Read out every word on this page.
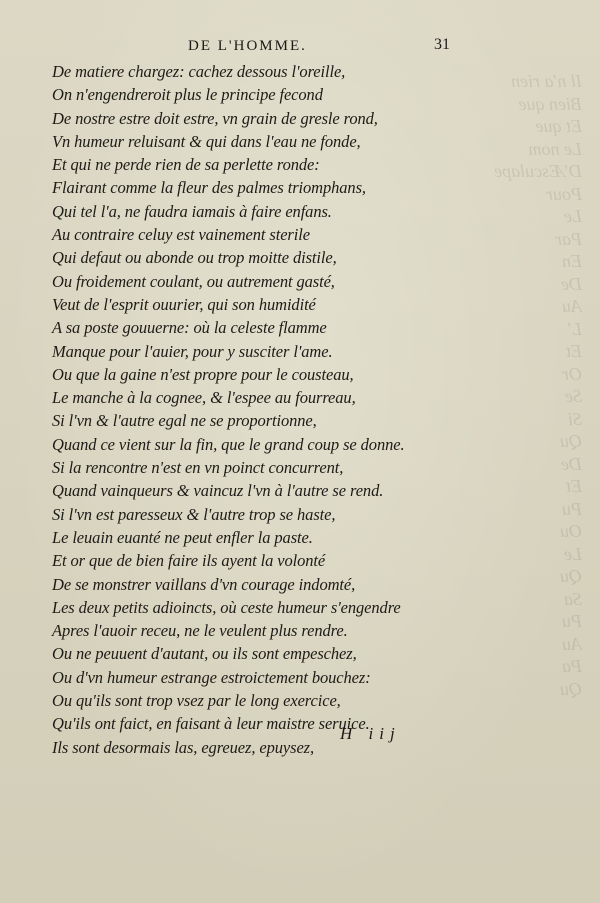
Il n'a rien
Bien que
Et que
Le nom
D'Æsculape
Pour
Le
Par
En
De
Au
L'
Et
Or
Se
Si
Qu
De
Et
Pu
Ou
Le
Qu
Sa
Pu
Au
Pa
Qu
DE L'HOMME.	31
De matiere chargez: cachez dessous l'oreille,
On n'engendreroit plus le principe fecond
De nostre estre doit estre, vn grain de gresle rond,
Vn humeur reluisant & qui dans l'eau ne fonde,
Et qui ne perde rien de sa perlette ronde:
Flairant comme la fleur des palmes triomphans,
Qui tel l'a, ne faudra iamais à faire enfans.
Au contraire celuy est vainement sterile
Qui defaut ou abonde ou trop moitte distile,
Ou froidement coulant, ou autrement gasté,
Veut de l'esprit ouurier, qui son humidité
A sa poste gouuerne: où la celeste flamme
Manque pour l'auier, pour y susciter l'ame.
Ou que la gaine n'est propre pour le cousteau,
Le manche à la cognee, & l'espee au fourreau,
Si l'vn & l'autre egal ne se proportionne,
Quand ce vient sur la fin, que le grand coup se donne.
Si la rencontre n'est en vn poinct concurrent,
Quand vainqueurs & vaincuz l'vn à l'autre se rend.
Si l'vn est paresseux & l'autre trop se haste,
Le leuain euanté ne peut enfler la paste.
Et or que de bien faire ils ayent la volonté
De se monstrer vaillans d'vn courage indomté,
Les deux petits adioincts, où ceste humeur s'engendre
Apres l'auoir receu, ne le veulent plus rendre.
Ou ne peuuent d'autant, ou ils sont empeschez,
Ou d'vn humeur estrange estroictement bouchez:
Ou qu'ils sont trop vsez par le long exercice,
Qu'ils ont faict, en faisant à leur maistre seruice.
Ils sont desormais las, egreuez, epuysez,
H iij
